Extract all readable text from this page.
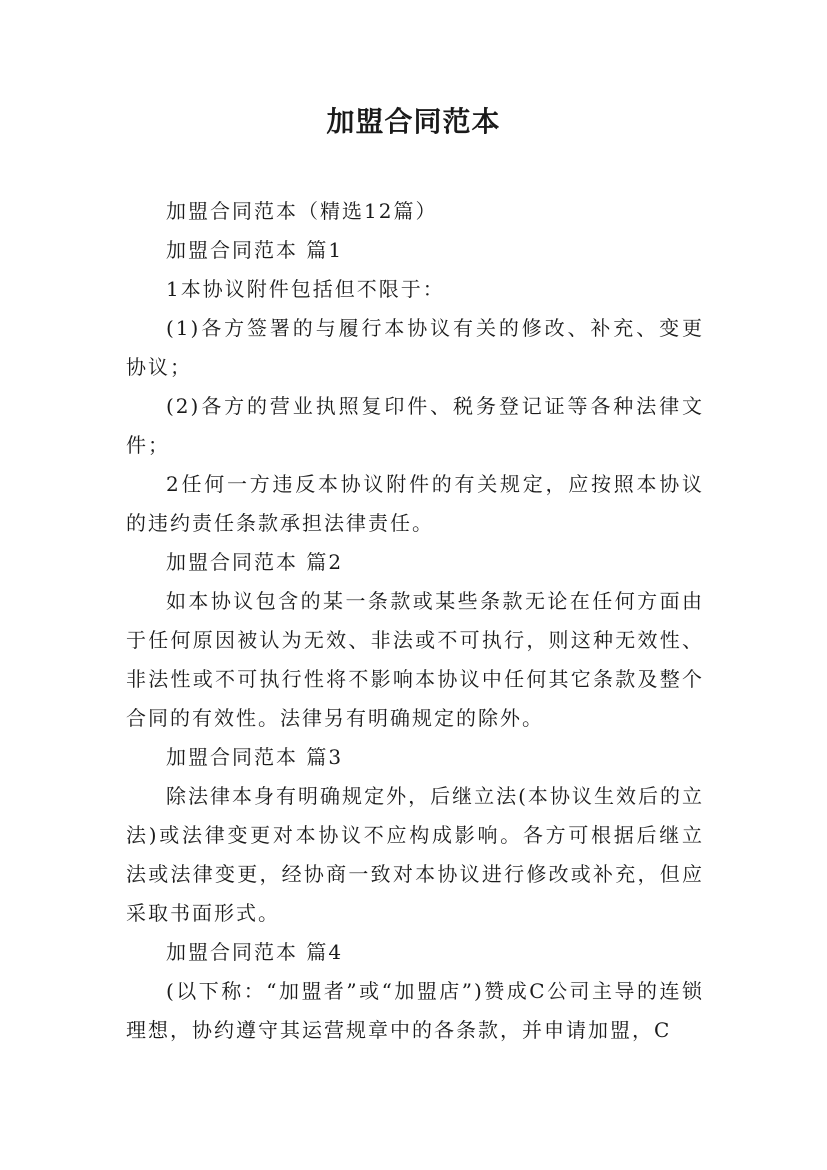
加盟合同范本

加盟合同范本（精选12篇）

加盟合同范本 篇1

1本协议附件包括但不限于：

(1)各方签署的与履行本协议有关的修改、补充、变更协议；

(2)各方的营业执照复印件、税务登记证等各种法律文件；

2任何一方违反本协议附件的有关规定，应按照本协议的违约责任条款承担法律责任。

加盟合同范本 篇2

如本协议包含的某一条款或某些条款无论在任何方面由于任何原因被认为无效、非法或不可执行，则这种无效性、非法性或不可执行性将不影响本协议中任何其它条款及整个合同的有效性。法律另有明确规定的除外。

加盟合同范本 篇3

除法律本身有明确规定外，后继立法(本协议生效后的立法)或法律变更对本协议不应构成影响。各方可根据后继立法或法律变更，经协商一致对本协议进行修改或补充，但应采取书面形式。

加盟合同范本 篇4

(以下称：“加盟者”或“加盟店”)赞成C公司主导的连锁理想，协约遵守其运营规章中的各条款，并申请加盟，C
